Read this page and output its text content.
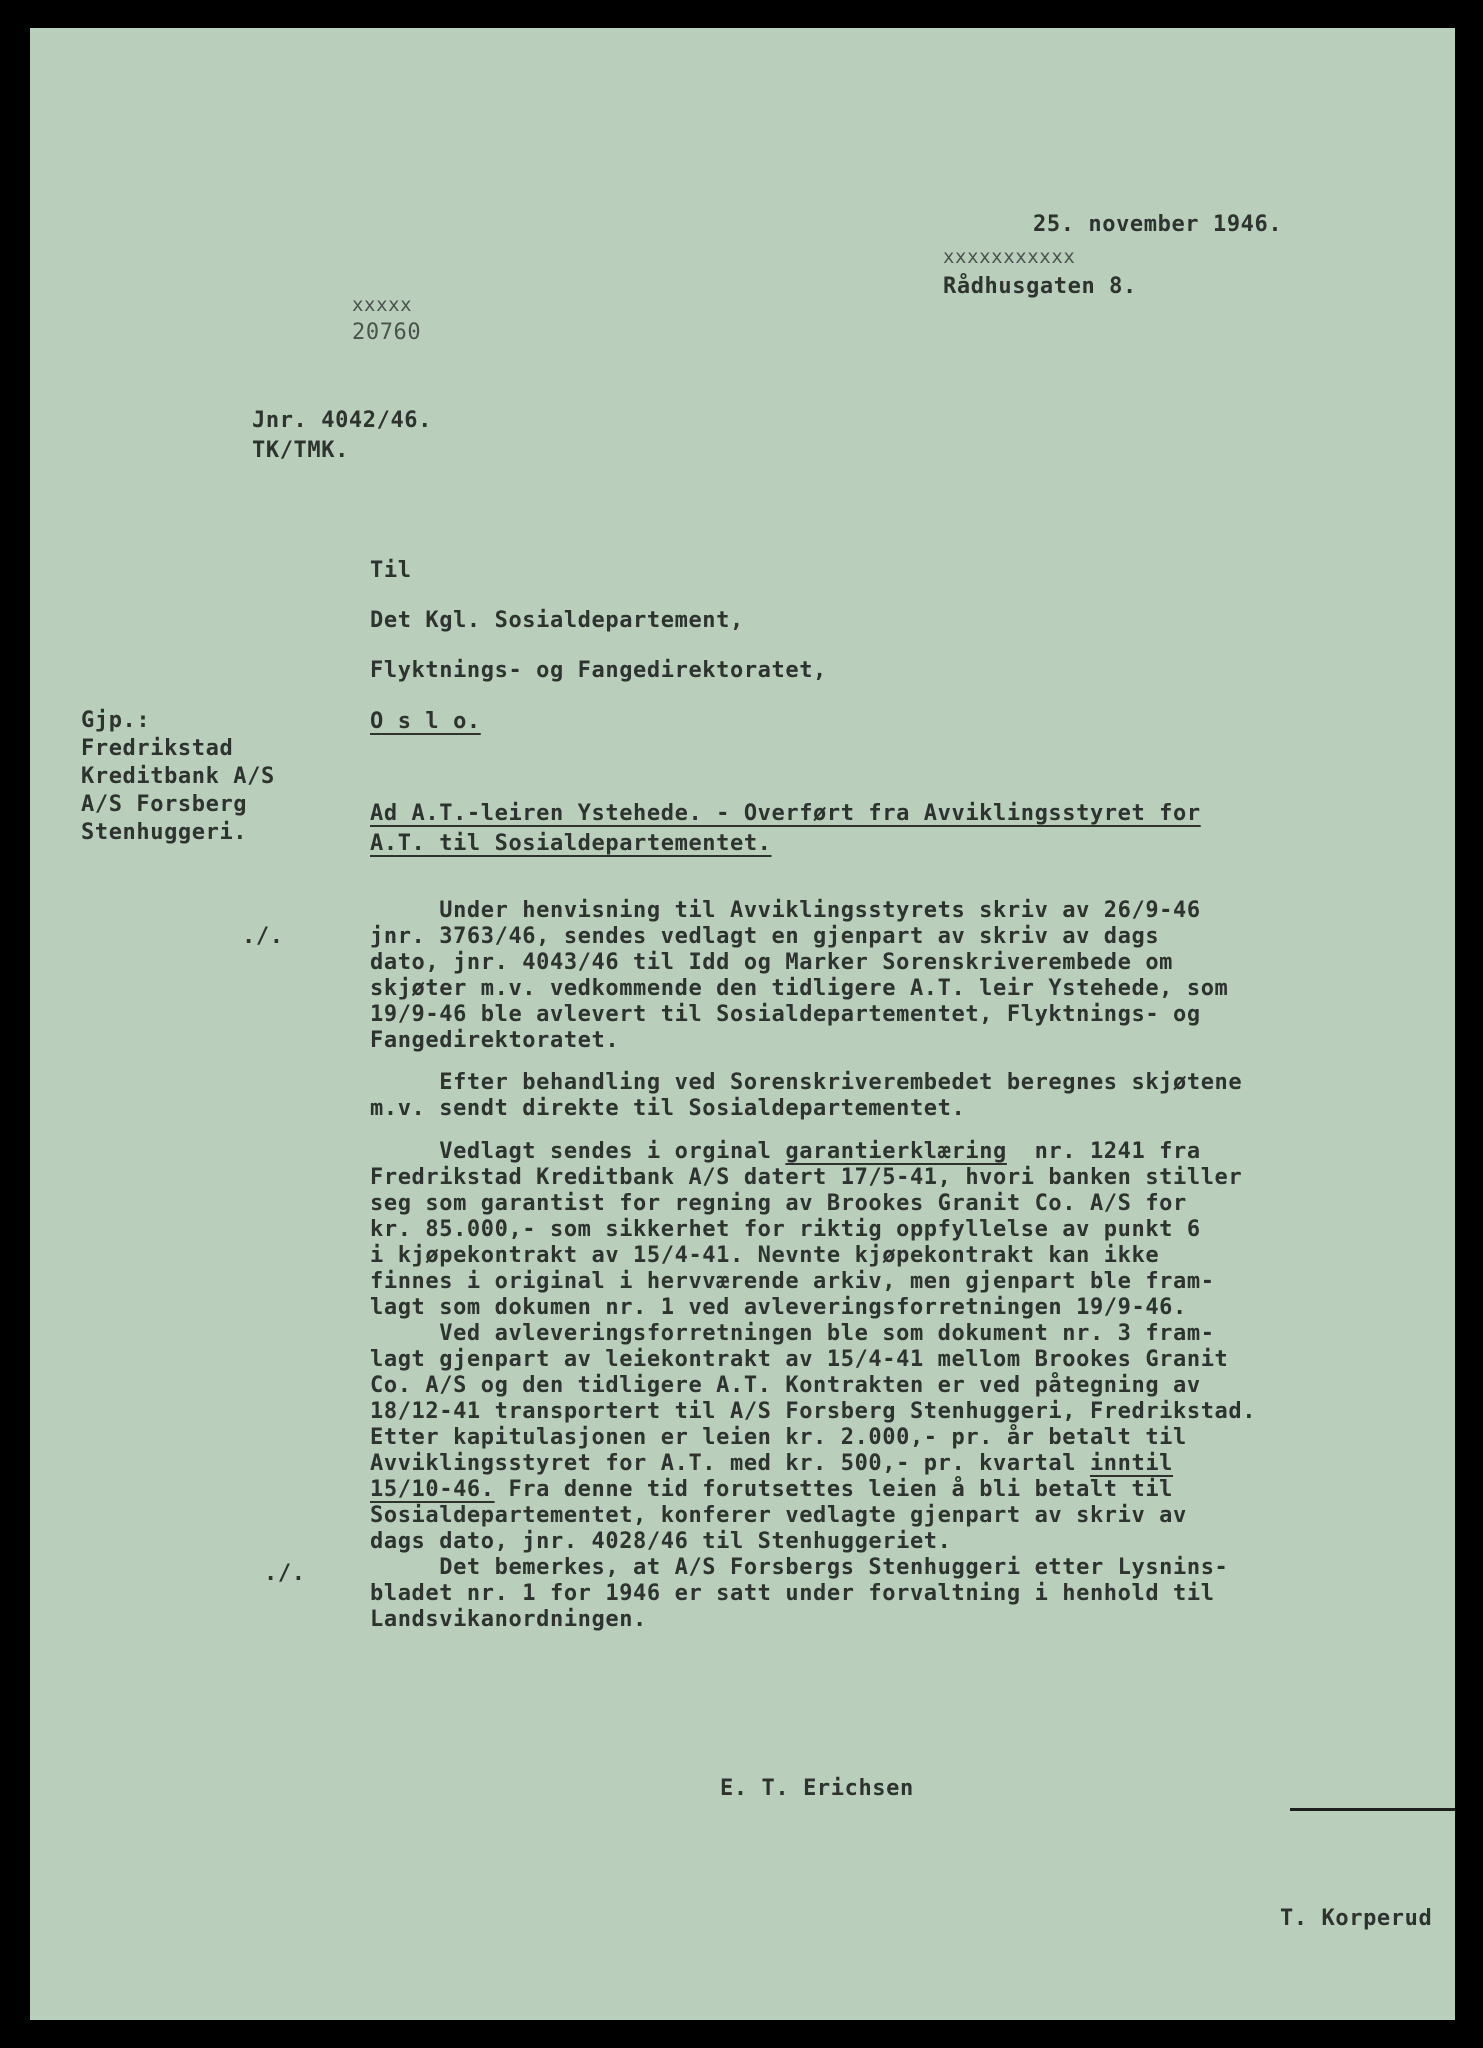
25. november 1946.
xxxxxxxxxxx
Rådhusgaten 8.
xxxxx
20760
Jnr. 4042/46.
TK/TMK.
Til
Det Kgl. Sosialdepartement,
Flyktnings- og Fangedirektoratet,
O s l o.
Gjp.:
Fredrikstad
Kreditbank A/S
A/S Forsberg
Stenhuggeri.
Ad A.T.-leiren Ystehede. - Overført fra Avviklingsstyret for
A.T. til Sosialdepartementet.
./.
./.
Under henvisning til Avviklingsstyrets skriv av 26/9-46
jnr. 3763/46, sendes vedlagt en gjenpart av skriv av dags
dato, jnr. 4043/46 til Idd og Marker Sorenskriverembede om
skjøter m.v. vedkommende den tidligere A.T. leir Ystehede, som
19/9-46 ble avlevert til Sosialdepartementet, Flyktnings- og
Fangedirektoratet.
Efter behandling ved Sorenskriverembedet beregnes skjøtene
m.v. sendt direkte til Sosialdepartementet.
Vedlagt sendes i orginal garantierklæring  nr. 1241 fra
Fredrikstad Kreditbank A/S datert 17/5-41, hvori banken stiller
seg som garantist for regning av Brookes Granit Co. A/S for
kr. 85.000,- som sikkerhet for riktig oppfyllelse av punkt 6
i kjøpekontrakt av 15/4-41. Nevnte kjøpekontrakt kan ikke
finnes i original i hervværende arkiv, men gjenpart ble fram-
lagt som dokumen nr. 1 ved avleveringsforretningen 19/9-46.
Ved avleveringsforretningen ble som dokument nr. 3 fram-
lagt gjenpart av leiekontrakt av 15/4-41 mellom Brookes Granit
Co. A/S og den tidligere A.T. Kontrakten er ved påtegning av
18/12-41 transportert til A/S Forsberg Stenhuggeri, Fredrikstad.
Etter kapitulasjonen er leien kr. 2.000,- pr. år betalt til
Avviklingsstyret for A.T. med kr. 500,- pr. kvartal inntil
15/10-46. Fra denne tid forutsettes leien å bli betalt til
Sosialdepartementet, konferer vedlagte gjenpart av skriv av
dags dato, jnr. 4028/46 til Stenhuggeriet.
Det bemerkes, at A/S Forsbergs Stenhuggeri etter Lysnins-
bladet nr. 1 for 1946 er satt under forvaltning i henhold til
Landsvikanordningen.
E. T. Erichsen
T. Korperud
